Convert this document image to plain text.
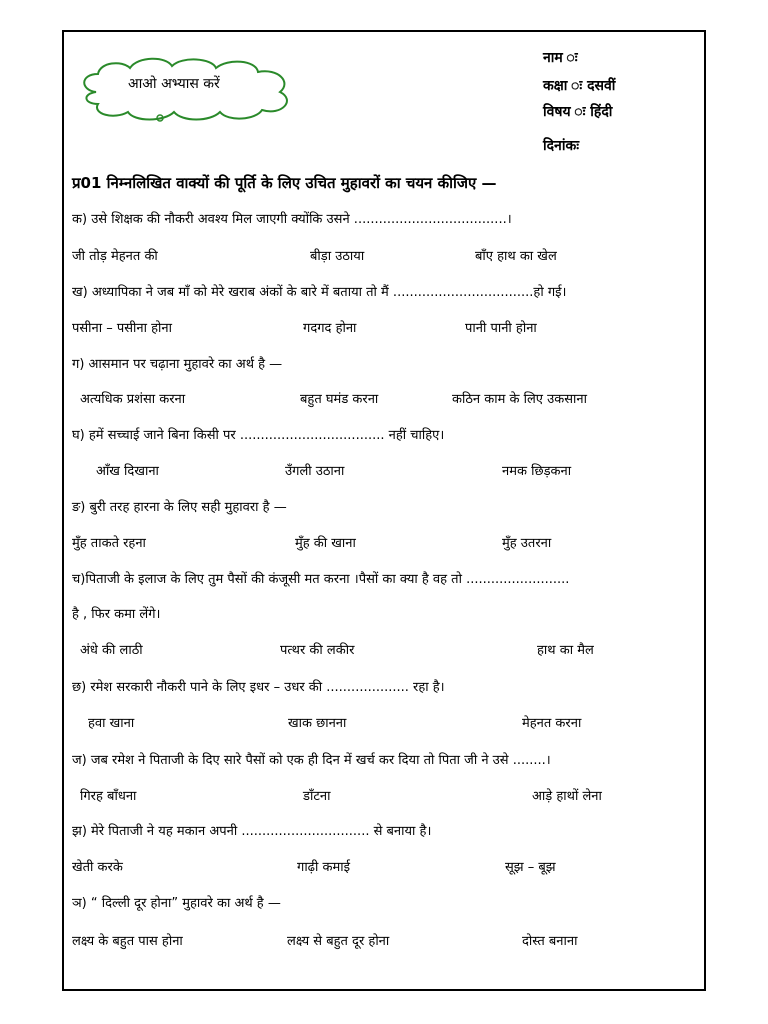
आओ अभ्यास करें
नाम ः
कक्षा ः दसवीं
विषय ः हिंदी
दिनांकः
प्र01 निम्नलिखित वाक्यों की पूर्ति के लिए उचित मुहावरों का चयन कीजिए —
क) उसे शिक्षक की नौकरी अवश्य मिल जाएगी क्योंकि उसने .....................................।
जी तोड़ मेहनत की	बीड़ा उठाया	बाँए हाथ का खेल
ख) अध्यापिका ने जब माँ को मेरे खराब अंकों के बारे में बताया तो मैं ..................................हो गई।
पसीना – पसीना होना	गदगद होना	पानी पानी होना
ग) आसमान पर चढ़ाना मुहावरे का अर्थ है —
अत्यधिक प्रशंसा करना	बहुत घमंड करना	कठिन काम के लिए उकसाना
घ) हमें सच्चाई जाने बिना किसी पर ................................... नहीं चाहिए।
आँख दिखाना	उँगली उठाना	नमक छिड़कना
ङ) बुरी तरह हारना के लिए सही मुहावरा है —
मुँह ताकते रहना	मुँह की खाना	मुँह उतरना
च)पिताजी के इलाज के लिए तुम पैसों की कंजूसी मत करना ।पैसों का क्या है वह तो .........................
है , फिर कमा लेंगे।
अंधे की लाठी	पत्थर की लकीर	हाथ का मैल
छ) रमेश सरकारी नौकरी पाने के लिए इधर – उधर की .................... रहा है।
हवा खाना	खाक छानना	मेहनत करना
ज) जब रमेश ने पिताजी के दिए सारे पैसों को एक ही दिन में खर्च कर दिया तो पिता जी ने उसे ........।
गिरह बाँधना	डाँटना	आड़े हाथों लेना
झ) मेरे पिताजी ने यह मकान अपनी ............................... से बनाया है।
खेती करके	गाढ़ी कमाई	सूझ – बूझ
ञ) “ दिल्ली दूर होना” मुहावरे का अर्थ है —
लक्ष्य के बहुत पास होना	लक्ष्य से बहुत दूर होना	दोस्त बनाना
